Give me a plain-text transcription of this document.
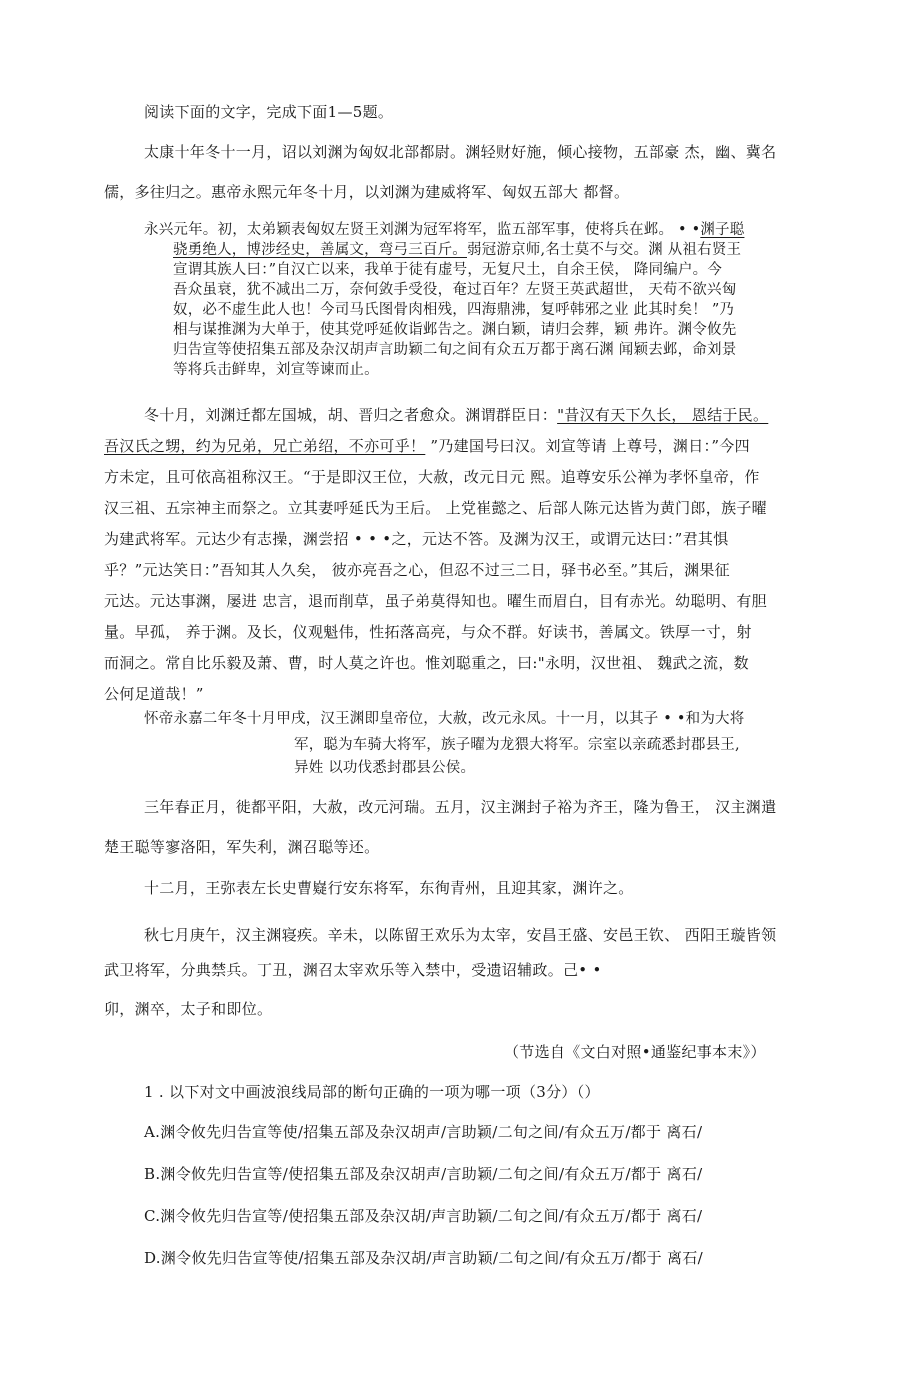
阅读下面的文字，完成下面1—5题。
太康十年冬十一月，诏以刘渊为匈奴北部都尉。渊轻财好施，倾心接物，五部豪 杰，幽、冀名
儒，多往归之。惠帝永熙元年冬十月，以刘渊为建威将军、匈奴五部大 都督。
永兴元年。初，太弟颖表匈奴左贤王刘渊为冠军将军，监五部军事，使将兵在邺。 • •渊子聪
骁勇绝人，博涉经史，善属文，弯弓三百斤。弱冠游京师,名士莫不与交。渊 从祖右贤王
宣谓其族人曰：”自汉亡以来，我单于徒有虚号，无复尺土，自余王侯， 降同编户。今
吾众虽衰，犹不减出二万，奈何敛手受役，奄过百年？左贤王英武超世， 天苟不欲兴匈
奴，必不虚生此人也！今司马氏图骨肉相残，四海鼎沸，复呼韩邪之业 此其时矣！ ”乃
相与谋推渊为大单于，使其党呼延攸诣邺告之。渊白颖，请归会葬，颖 弗许。渊令攸先
归告宣等使招集五部及杂汉胡声言助颖二旬之间有众五万都于离石渊 闻颖去邺，命刘景
等将兵击鲜卑，刘宣等谏而止。
冬十月，刘渊迁都左国城，胡、晋归之者愈众。渊谓群臣日："昔汉有天下久长， 恩结于民。
吾汉氏之甥，约为兄弟，兄亡弟绍，不亦可乎！ ”乃建国号曰汉。刘宣等请 上尊号，渊日：”今四
方未定，且可依高祖称汉王。“于是即汉王位，大赦，改元日元 熙。追尊安乐公禅为孝怀皇帝，作
汉三祖、五宗神主而祭之。立其妻呼延氏为王后。 上党崔懿之、后部人陈元达皆为黄门郎，族子曜
为建武将军。元达少有志操，渊尝招 • • •之，元达不答。及渊为汉王，或谓元达曰：”君其惧
乎？”元达笑日：”吾知其人久矣， 彼亦亮吾之心，但忍不过三二日，驿书必至。”其后，渊果征
元达。元达事渊，屡进 忠言，退而削草，虽子弟莫得知也。曜生而眉白，目有赤光。幼聪明、有胆
量。早孤， 养于渊。及长，仪观魁伟，性拓落高亮，与众不群。好读书，善属文。铁厚一寸，射
而洞之。常自比乐毅及萧、曹，时人莫之许也。惟刘聪重之，曰:"永明，汉世祖、 魏武之流，数
公何足道哉！”
怀帝永嘉二年冬十月甲戌，汉王渊即皇帝位，大赦，改元永凤。十一月，以其子 • •和为大将
军，聪为车骑大将军，族子曜为龙猥大将军。宗室以亲疏悉封郡县王,
异姓 以功伐悉封郡县公侯。
三年春正月，徙都平阳，大赦，改元河瑞。五月，汉主渊封子裕为齐王，隆为鲁王， 汉主渊遣
楚王聪等寥洛阳，军失利，渊召聪等还。
十二月，王弥表左长史曹嶷行安东将军，东徇青州，且迎其家，渊许之。
秋七月庚午，汉主渊寝疾。辛未，以陈留王欢乐为太宰，安昌王盛、安邑王钦、 西阳王璇皆领
武卫将军，分典禁兵。丁丑，渊召太宰欢乐等入禁中，受遗诏辅政。己• •
卯，渊卒，太子和即位。
（节选自《文白对照•通鉴纪事本末》）
1 . 以下对文中画波浪线局部的断句正确的一项为哪一项（3分）（）
A.渊令攸先归告宣等使/招集五部及杂汉胡声/言助颖/二旬之间/有众五万/都于 离石/
B.渊令攸先归告宣等/使招集五部及杂汉胡声/言助颖/二旬之间/有众五万/都于 离石/
C.渊令攸先归告宣等/使招集五部及杂汉胡/声言助颖/二旬之间/有众五万/都于 离石/
D.渊令攸先归告宣等使/招集五部及杂汉胡/声言助颖/二旬之间/有众五万/都于 离石/
